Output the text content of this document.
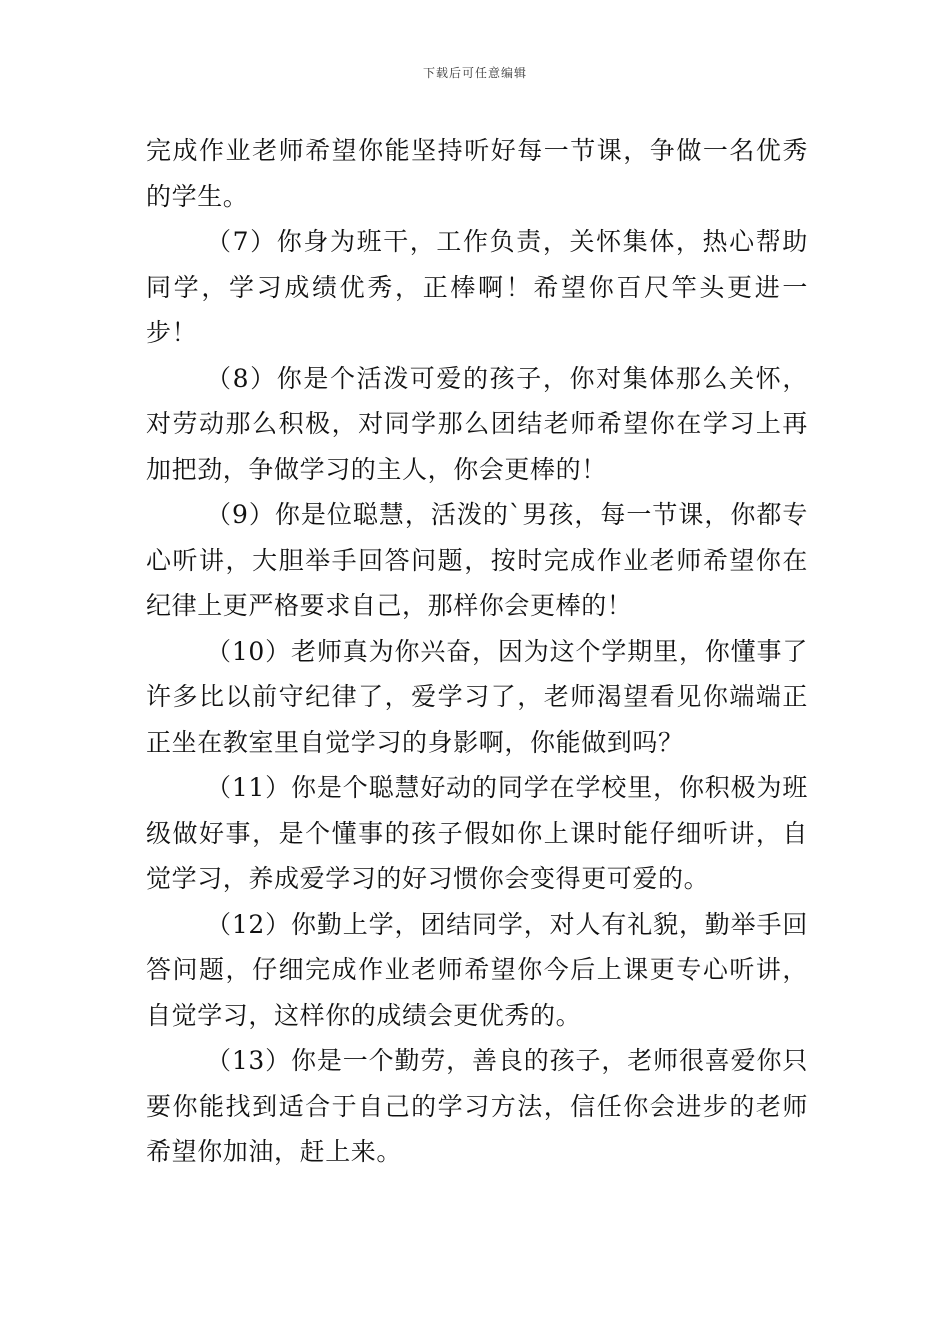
下载后可任意编辑

完成作业老师希望你能坚持听好每一节课，争做一名优秀的学生。

（7）你身为班干，工作负责，关怀集体，热心帮助同学，学习成绩优秀，正棒啊！希望你百尺竿头更进一步！

（8）你是个活泼可爱的孩子，你对集体那么关怀，对劳动那么积极，对同学那么团结老师希望你在学习上再加把劲，争做学习的主人，你会更棒的！

（9）你是位聪慧，活泼的`男孩，每一节课，你都专心听讲，大胆举手回答问题，按时完成作业老师希望你在纪律上更严格要求自己，那样你会更棒的！

（10）老师真为你兴奋，因为这个学期里，你懂事了许多比以前守纪律了，爱学习了，老师渴望看见你端端正正坐在教室里自觉学习的身影啊，你能做到吗？

（11）你是个聪慧好动的同学在学校里，你积极为班级做好事，是个懂事的孩子假如你上课时能仔细听讲，自觉学习，养成爱学习的好习惯你会变得更可爱的。

（12）你勤上学，团结同学，对人有礼貌，勤举手回答问题，仔细完成作业老师希望你今后上课更专心听讲，自觉学习，这样你的成绩会更优秀的。

（13）你是一个勤劳，善良的孩子，老师很喜爱你只要你能找到适合于自己的学习方法，信任你会进步的老师希望你加油，赶上来。
